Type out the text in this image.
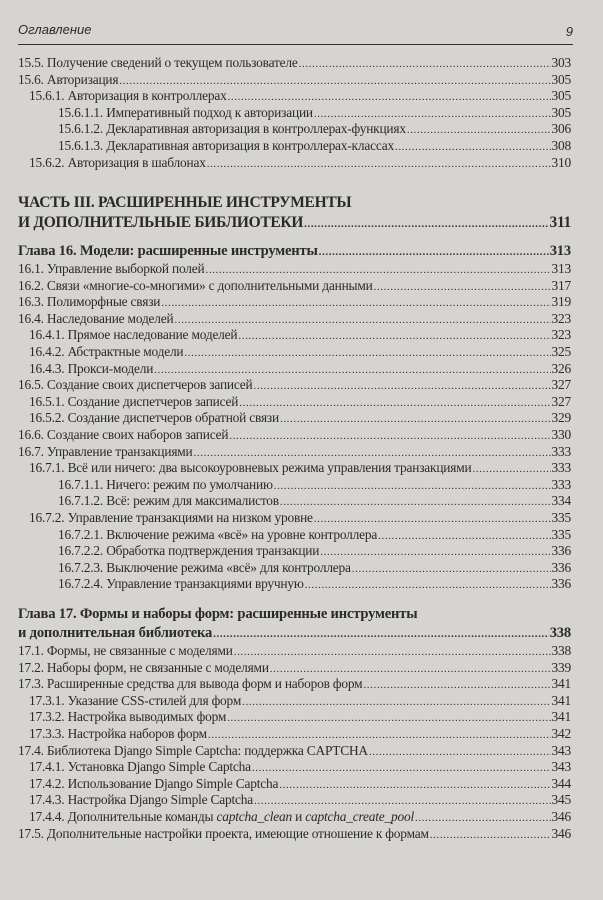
Оглавление	9
15.5. Получение сведений о текущем пользователе .....	303
15.6. Авторизация .....	305
15.6.1. Авторизация в контроллерах .....	305
15.6.1.1. Императивный подход к авторизации .....	305
15.6.1.2. Декларативная авторизация в контроллерах-функциях .....	306
15.6.1.3. Декларативная авторизация в контроллерах-классах .....	308
15.6.2. Авторизация в шаблонах .....	310
ЧАСТЬ III. РАСШИРЕННЫЕ ИНСТРУМЕНТЫ
И ДОПОЛНИТЕЛЬНЫЕ БИБЛИОТЕКИ .....	311
Глава 16. Модели: расширенные инструменты .....	313
16.1. Управление выборкой полей .....	313
16.2. Связи «многие-со-многими» с дополнительными данными .....	317
16.3. Полиморфные связи .....	319
16.4. Наследование моделей .....	323
16.4.1. Прямое наследование моделей .....	323
16.4.2. Абстрактные модели .....	325
16.4.3. Прокси-модели .....	326
16.5. Создание своих диспетчеров записей .....	327
16.5.1. Создание диспетчеров записей .....	327
16.5.2. Создание диспетчеров обратной связи .....	329
16.6. Создание своих наборов записей .....	330
16.7. Управление транзакциями .....	333
16.7.1. Всё или ничего: два высокоуровневых режима управления транзакциями .....	333
16.7.1.1. Ничего: режим по умолчанию .....	333
16.7.1.2. Всё: режим для максималистов .....	334
16.7.2. Управление транзакциями на низком уровне .....	335
16.7.2.1. Включение режима «всё» на уровне контроллера .....	335
16.7.2.2. Обработка подтверждения транзакции .....	336
16.7.2.3. Выключение режима «всё» для контроллера .....	336
16.7.2.4. Управление транзакциями вручную .....	336
Глава 17. Формы и наборы форм: расширенные инструменты
и дополнительная библиотека .....	338
17.1. Формы, не связанные с моделями .....	338
17.2. Наборы форм, не связанные с моделями .....	339
17.3. Расширенные средства для вывода форм и наборов форм .....	341
17.3.1. Указание CSS-стилей для форм .....	341
17.3.2. Настройка выводимых форм .....	341
17.3.3. Настройка наборов форм .....	342
17.4. Библиотека Django Simple Captcha: поддержка CAPTCHA .....	343
17.4.1. Установка Django Simple Captcha .....	343
17.4.2. Использование Django Simple Captcha .....	344
17.4.3. Настройка Django Simple Captcha .....	345
17.4.4. Дополнительные команды captcha_clean и captcha_create_pool .....	346
17.5. Дополнительные настройки проекта, имеющие отношение к формам .....	346
